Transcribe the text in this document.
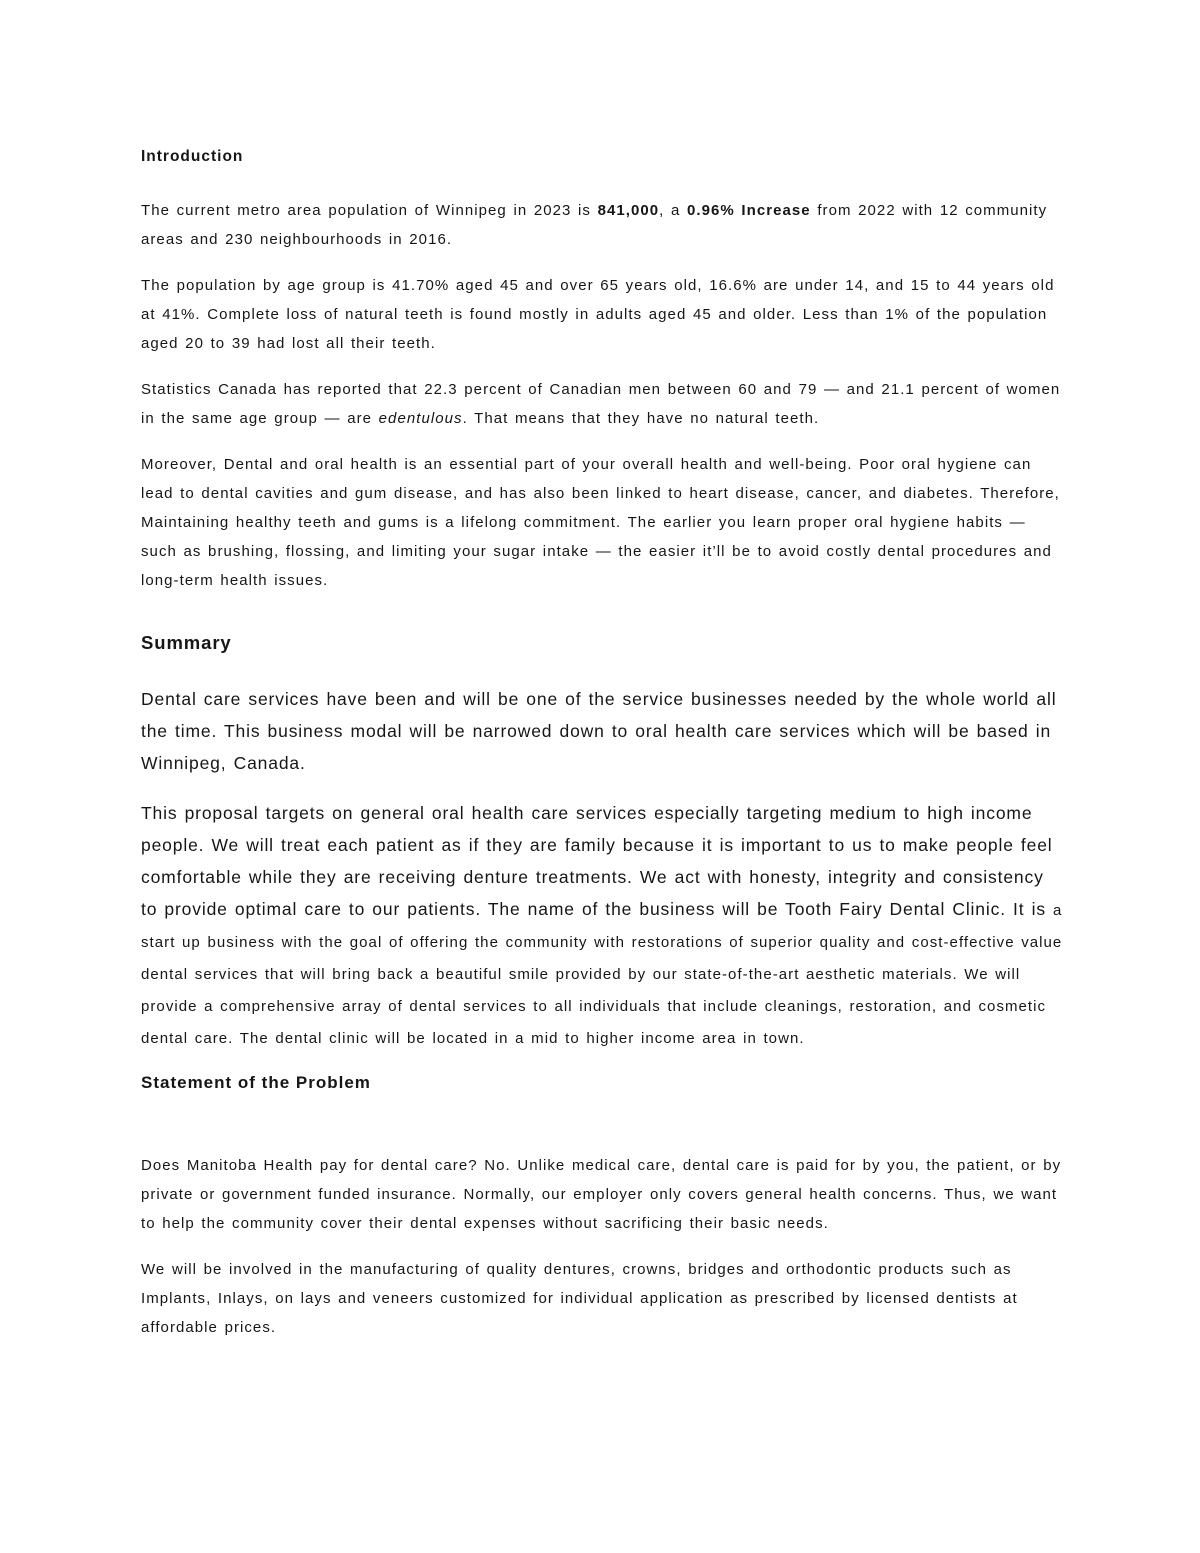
Introduction

The current metro area population of Winnipeg in 2023 is 841,000, a 0.96% Increase from 2022 with 12 community areas and 230 neighbourhoods in 2016.

The population by age group is 41.70% aged 45 and over 65 years old, 16.6% are under 14, and 15 to 44 years old at 41%. Complete loss of natural teeth is found mostly in adults aged 45 and older. Less than 1% of the population aged 20 to 39 had lost all their teeth.

Statistics Canada has reported that 22.3 percent of Canadian men between 60 and 79 — and 21.1 percent of women in the same age group — are edentulous. That means that they have no natural teeth.

Moreover, Dental and oral health is an essential part of your overall health and well-being. Poor oral hygiene can lead to dental cavities and gum disease, and has also been linked to heart disease, cancer, and diabetes. Therefore, Maintaining healthy teeth and gums is a lifelong commitment. The earlier you learn proper oral hygiene habits — such as brushing, flossing, and limiting your sugar intake — the easier it’ll be to avoid costly dental procedures and long-term health issues.

Summary

Dental care services have been and will be one of the service businesses needed by the whole world all the time. This business modal will be narrowed down to oral health care services which will be based in Winnipeg, Canada.

This proposal targets on general oral health care services especially targeting medium to high income people. We will treat each patient as if they are family because it is important to us to make people feel comfortable while they are receiving denture treatments. We act with honesty, integrity and consistency to provide optimal care to our patients. The name of the business will be Tooth Fairy Dental Clinic. It is a start up business with the goal of offering the community with restorations of superior quality and cost-effective value dental services that will bring back a beautiful smile provided by our state-of-the-art aesthetic materials. We will provide a comprehensive array of dental services to all individuals that include cleanings, restoration, and cosmetic dental care. The dental clinic will be located in a mid to higher income area in town.

Statement of the Problem

Does Manitoba Health pay for dental care? No. Unlike medical care, dental care is paid for by you, the patient, or by private or government funded insurance. Normally, our employer only covers general health concerns. Thus, we want to help the community cover their dental expenses without sacrificing their basic needs.

We will be involved in the manufacturing of quality dentures, crowns, bridges and orthodontic products such as Implants, Inlays, on lays and veneers customized for individual application as prescribed by licensed dentists at affordable prices.
